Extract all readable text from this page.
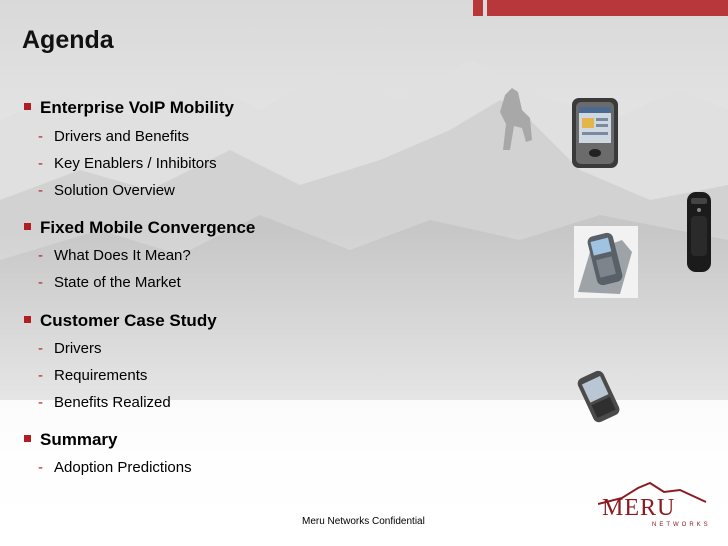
Agenda
Enterprise VoIP Mobility
- Drivers and Benefits
- Key Enablers / Inhibitors
- Solution Overview
Fixed Mobile Convergence
- What Does It Mean?
- State of the Market
Customer Case Study
- Drivers
- Requirements
- Benefits Realized
Summary
- Adoption Predictions
MERU
NETWORKS
Meru Networks Confidential
